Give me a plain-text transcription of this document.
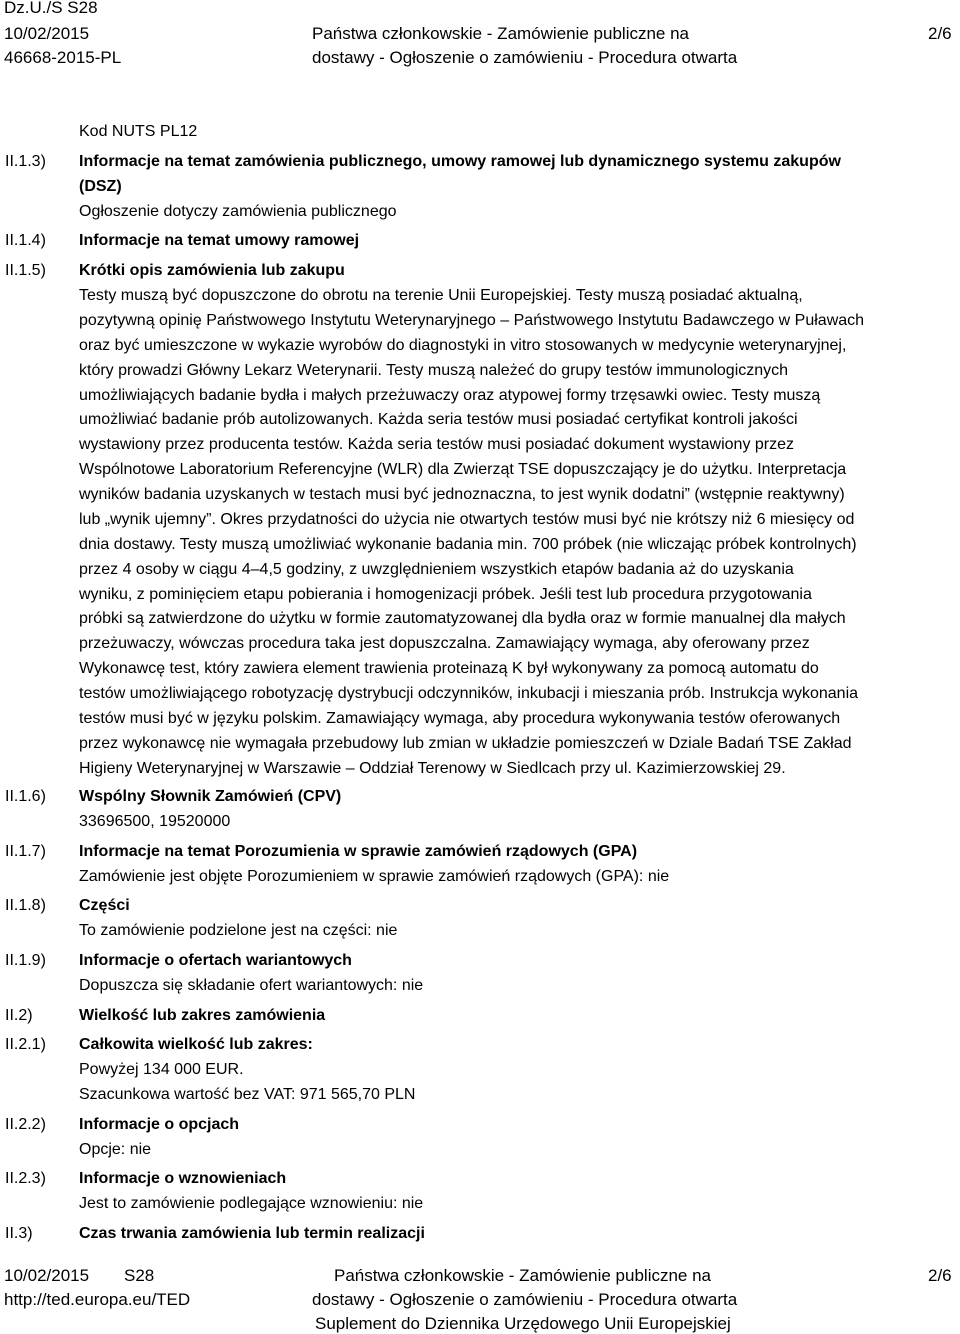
Dz.U./S S28
10/02/2015
46668-2015-PL
Państwa członkowskie - Zamówienie publiczne na
dostawy - Ogłoszenie o zamówieniu - Procedura otwarta
2/6
II.1.3)
II.1.4)
II.1.5)
II.1.6)
II.1.7)
II.1.8)
II.1.9)
II.2)
II.2.1)
II.2.2)
II.2.3)
II.3)
Kod NUTS PL12
Informacje na temat zamówienia publicznego, umowy ramowej lub dynamicznego systemu zakupów
(DSZ)
Ogłoszenie dotyczy zamówienia publicznego
Informacje na temat umowy ramowej
Krótki opis zamówienia lub zakupu
Testy muszą być dopuszczone do obrotu na terenie Unii Europejskiej. Testy muszą posiadać aktualną,
pozytywną opinię Państwowego Instytutu Weterynaryjnego – Państwowego Instytutu Badawczego w Puławach
oraz być umieszczone w wykazie wyrobów do diagnostyki in vitro stosowanych w medycynie weterynaryjnej,
który prowadzi Główny Lekarz Weterynarii. Testy muszą należeć do grupy testów immunologicznych
umożliwiających badanie bydła i małych przeżuwaczy oraz atypowej formy trzęsawki owiec. Testy muszą
umożliwiać badanie prób autolizowanych. Każda seria testów musi posiadać certyfikat kontroli jakości
wystawiony przez producenta testów. Każda seria testów musi posiadać dokument wystawiony przez
Wspólnotowe Laboratorium Referencyjne (WLR) dla Zwierząt TSE dopuszczający je do użytku. Interpretacja
wyników badania uzyskanych w testach musi być jednoznaczna, to jest wynik dodatni” (wstępnie reaktywny)
lub „wynik ujemny”. Okres przydatności do użycia nie otwartych testów musi być nie krótszy niż 6 miesięcy od
dnia dostawy. Testy muszą umożliwiać wykonanie badania min. 700 próbek (nie wliczając próbek kontrolnych)
przez 4 osoby w ciągu 4–4,5 godziny, z uwzględnieniem wszystkich etapów badania aż do uzyskania
wyniku, z pominięciem etapu pobierania i homogenizacji próbek. Jeśli test lub procedura przygotowania
próbki są zatwierdzone do użytku w formie zautomatyzowanej dla bydła oraz w formie manualnej dla małych
przeżuwaczy, wówczas procedura taka jest dopuszczalna. Zamawiający wymaga, aby oferowany przez
Wykonawcę test, który zawiera element trawienia proteinazą K był wykonywany za pomocą automatu do
testów umożliwiającego robotyzację dystrybucji odczynników, inkubacji i mieszania prób. Instrukcja wykonania
testów musi być w języku polskim. Zamawiający wymaga, aby procedura wykonywania testów oferowanych
przez wykonawcę nie wymagała przebudowy lub zmian w układzie pomieszczeń w Dziale Badań TSE Zakład
Higieny Weterynaryjnej w Warszawie – Oddział Terenowy w Siedlcach przy ul. Kazimierzowskiej 29.
Wspólny Słownik Zamówień (CPV)
33696500, 19520000
Informacje na temat Porozumienia w sprawie zamówień rządowych (GPA)
Zamówienie jest objęte Porozumieniem w sprawie zamówień rządowych (GPA): nie
Części
To zamówienie podzielone jest na części: nie
Informacje o ofertach wariantowych
Dopuszcza się składanie ofert wariantowych: nie
Wielkość lub zakres zamówienia
Całkowita wielkość lub zakres:
Powyżej 134 000 EUR.
Szacunkowa wartość bez VAT: 971 565,70 PLN
Informacje o opcjach
Opcje: nie
Informacje o wznowieniach
Jest to zamówienie podlegające wznowieniu: nie
Czas trwania zamówienia lub termin realizacji
10/02/2015 S28
http://ted.europa.eu/TED
Państwa członkowskie - Zamówienie publiczne na
dostawy - Ogłoszenie o zamówieniu - Procedura otwarta
Suplement do Dziennika Urzędowego Unii Europejskiej
2/6
